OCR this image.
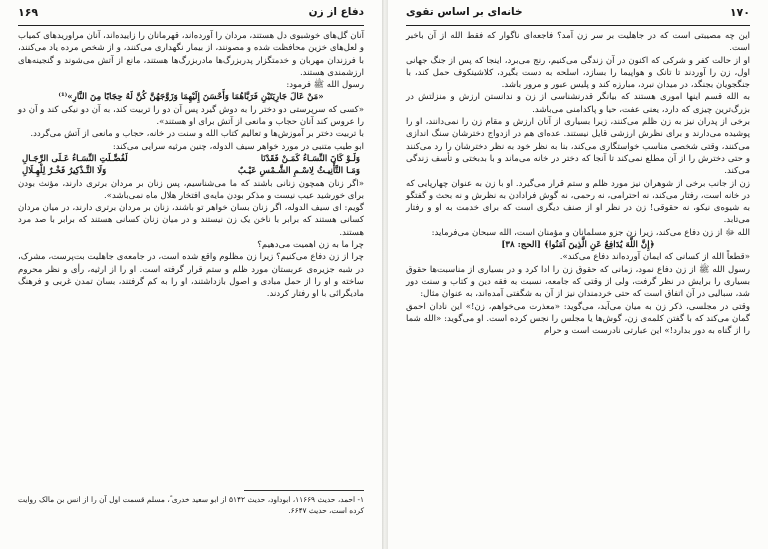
۱۶۹	دفاع از زن

آنان گل‌های خوشبوی دل هستند، مردان را آورده‌اند، قهرمانان را زاییده‌اند، آنان مراوریدهای کمیاب و لعل‌های خزین محافظت شده و مصونند، از بیمار نگهداری می‌کنند، و از شخص مرده یاد می‌کنند، با فرزندان مهربان و خدمتگزار پدربزرگ‌ها مادربزرگ‌ها هستند، مانع از آتش می‌شوند و گنجینه‌های ارزشمندی هستند.

رسول الله ﷺ فرمود:

«مَنْ عَالَ جَارِيَتَيْنِ فَرَبَّاهُمَا وَأَحْسَنَ إِلَيْهِمَا وَزَوَّجَهُنَّ كُنَّ لَهُ حِجَابًا مِنَ النَّارِ»⁽¹⁾

«کسی که سرپرستی دو دختر را به دوش گیرد پس آن دو را تربیت کند، به آن دو نیکی کند و آن دو را عروس کند آنان حجاب و مانعی از آتش برای او هستند».

با تربیت دختر بر آموزش‌ها و تعالیم کتاب الله و سنت در خانه، حجاب و مانعی از آتش می‌گردد.

ابو طیب متنبی در مورد خواهر سیف الدوله، چنین مرثیه سرایی می‌کند:

وَلَـوْ كَانَ النِّسَـاءُ كَمَـنْ فَقَدْنَا
لَفُضِّـلَتِ النِّسَـاءُ عَـلَى الرِّجَـالِ
وَمَـا التَّأْنِيـثُ لِاسْـمِ الشَّـمْسِ عَيْـبٌ
وَلَا التَّـذْكِيرُ فَخْـرٌ لِلْهِـلَالِ

«اگر زنان همچون زنانی باشند که ما می‌شناسیم، پس زنان بر مردان برتری دارند، مؤنث بودن برای خورشید عیب نیست و مذکر بودن مایه‌ی افتخار هلال ماه نمی‌باشد».

گویم: ای سیف الدوله، اگر زنان بسان خواهر تو باشند، زنان بر مردان برتری دارند، در میان مردان کسانی هستند که برابر با ناخن یک زن نیستند و در میان زنان کسانی هستند که برابر با صد مرد هستند.

چرا ما به زن اهمیت می‌دهیم؟

چرا از زن دفاع می‌کنیم؟ زیرا زن مظلوم واقع شده است، در جامعه‌ی جاهلیت بت‌پرست، مشرک، در شبه جزیره‌ی عربستان مورد ظلم و ستم قرار گرفته است. او را از ارثیه، رأی و نظر محروم ساخته و او را از حمل مبادی و اصول بازداشتند، او را به کم گرفتند، بسان تمدن غربی و فرهنگ مادیگرائی با او رفتار کردند.

۱- احمد، حدیث ۱۱۶۶۹، ابوداود، حدیث ۵۱۴۲ از ابو سعید خدری ؓ، مسلم قسمت اول آن را از انس بن مالک روایت کرده است، حدیث ۶۶۴۷.

۱۷۰
خانه‌ای بر اساس تقوی

این چه مصیبتی است که در جاهلیت بر سر زن آمد؟ فاجعه‌ای ناگوار که فقط الله از آن باخبر است.

او از حالت کفر و شرکی که اکنون در آن زندگی می‌کنیم، رنج می‌برد، اینجا که پس از جنگ جهانی اول، زن را آوردند تا تانک و هواپیما را بسازد، اسلحه به دست بگیرد، کلاشینکوف حمل کند، با جنگجویان بجنگد، در میدان نبرد، مبارزه کند و پلیس عبور و مرور باشد.

به الله قسم اینها اموری هستند که بیانگر قدرنشناسی از زن و ندانستن ارزش و منزلتش در بزرگ‌ترین چیزی که دارد، یعنی عفت، حیا و پاکدامنی می‌باشد.

برخی از پدران نیز به زن ظلم می‌کنند، زیرا بسیاری از آنان ارزش و مقام زن را نمی‌دانند، او را پوشیده می‌دارند و برای نظرش ارزشی قایل نیستند. عده‌ای هم در ازدواج دخترشان سنگ اندازی می‌کنند، وقتی شخصی مناسب خواستگاری می‌کند، بنا به نظر خود به نظر دخترشان را رد می‌کنند و حتی دخترش را از آن مطلع نمی‌کند تا آنجا که دختر در خانه می‌ماند و با بدبختی و تأسف زندگی می‌کند.

زن از جانب برخی از شوهران نیز مورد ظلم و ستم قرار می‌گیرد. او با زن به عنوان چهارپایی که در خانه است، رفتار می‌کند، نه احترامی، نه رحمی، نه گوش فرادادن به نظرش و نه بحث و گفتگو به شیوه‌ی نیکو، نه حقوقی! زن در نظر او از صنف دیگری است که برای خدمت به او و رفتار می‌تابد.

الله ﷻ از زن دفاع می‌کند، زیرا زن جزو مسلمانان و مؤمنان است، الله سبحان می‌فرماید:

﴿إِنَّ اللَّهَ يُدَافِعُ عَنِ الَّذِينَ آمَنُوا﴾ [الحج: ۳۸]

«قطعاً الله از کسانی که ایمان آورده‌اند دفاع می‌کند».

رسول الله ﷺ از زن دفاع نمود، زمانی که حقوق زن را ادا کرد و در بسیاری از مناسبت‌ها حقوق بسیاری را برایش در نظر گرفت، ولی از وقتی که جامعه، نسبت به فقه دین و کتاب و سنت دور شد، سبالیی در آن اتفاق است که حتی خردمندان نیز از آن به شگفتی آمده‌اند، به عنوان مثال:

وقتی در مجلسی، ذکر زن به میان می‌آید، می‌گوید: «معذرت می‌خواهم، زن!» این نادان احمق گمان می‌کند که با گفتن کلمه‌ی زن، گوش‌ها یا مجلس را نجس کرده است. او می‌گوید: «الله شما را از گناه به دور بدارد!» این عبارتی نادرست است و حرام
